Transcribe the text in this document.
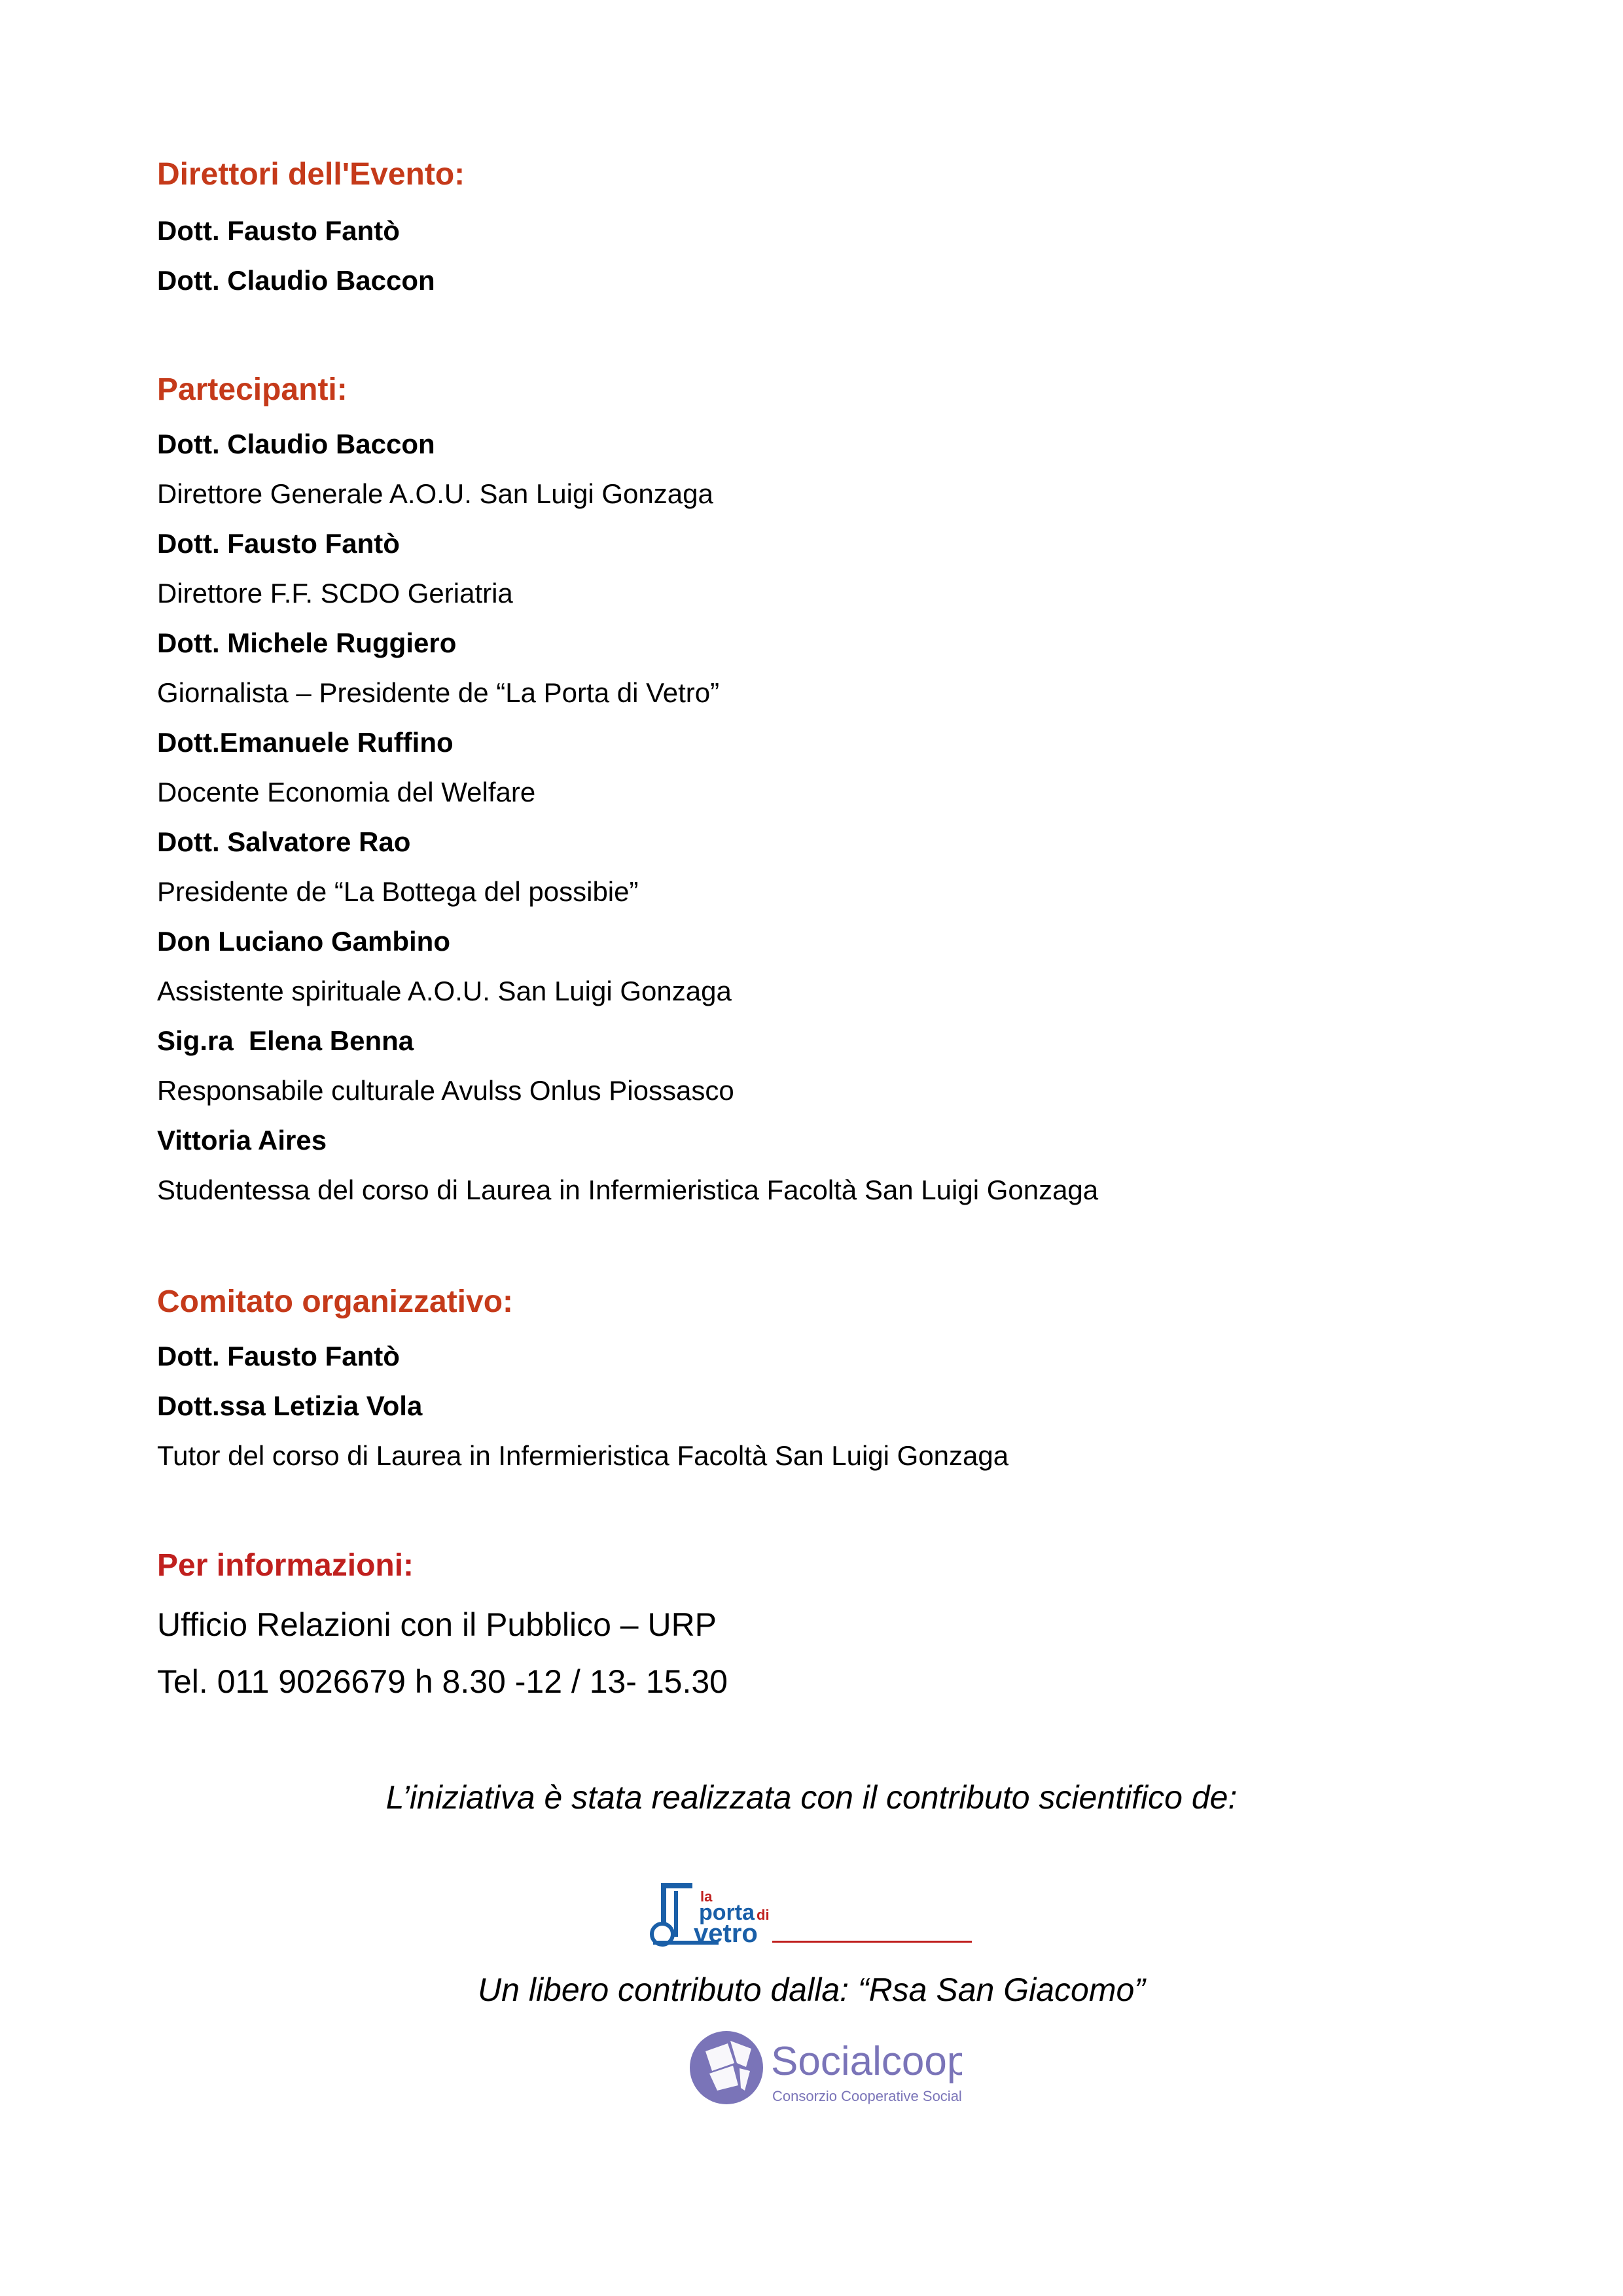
Direttori dell'Evento:
Dott. Fausto Fantò
Dott. Claudio Baccon
Partecipanti:
Dott. Claudio Baccon
Direttore Generale A.O.U. San Luigi Gonzaga
Dott. Fausto Fantò
Direttore F.F. SCDO Geriatria
Dott. Michele Ruggiero
Giornalista – Presidente de “La Porta di Vetro”
Dott.Emanuele Ruffino
Docente Economia del Welfare
Dott. Salvatore Rao
Presidente de “La Bottega del possibie”
Don Luciano Gambino
Assistente spirituale A.O.U. San Luigi Gonzaga
Sig.ra  Elena Benna
Responsabile culturale Avulss Onlus Piossasco
Vittoria Aires
Studentessa del corso di Laurea in Infermieristica Facoltà San Luigi Gonzaga
Comitato organizzativo:
Dott. Fausto Fantò
Dott.ssa Letizia Vola
Tutor del corso di Laurea in Infermieristica Facoltà San Luigi Gonzaga
Per informazioni:
Ufficio Relazioni con il Pubblico – URP
Tel. 011 9026679 h 8.30 -12 / 13- 15.30
L’iniziativa è stata realizzata con il contributo scientifico de:
la
porta di
vetro
Un libero contributo dalla: “Rsa San Giacomo”
Socialcoop
Consorzio Cooperative Sociali
